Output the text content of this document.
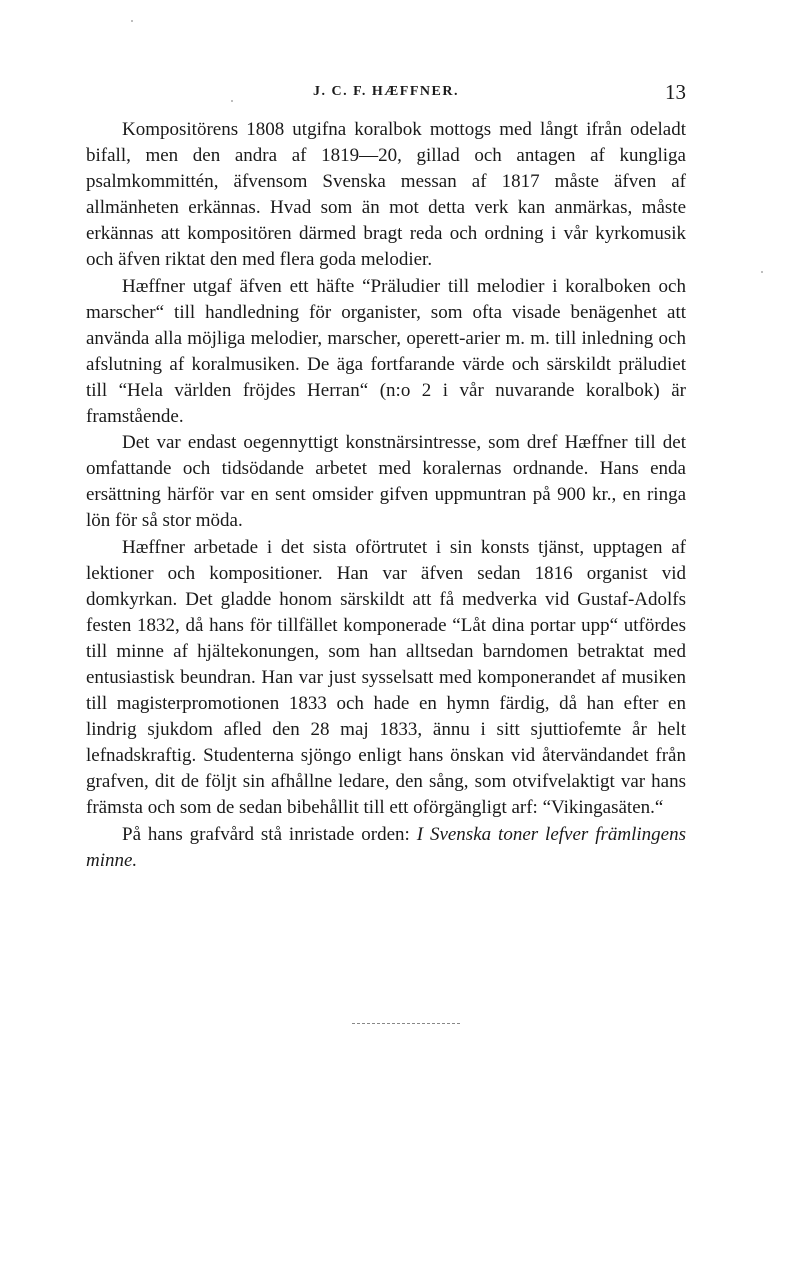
J. C. F. HÆFFNER.	13

Kompositörens 1808 utgifna koralbok mottogs med långt ifrån odeladt bifall, men den andra af 1819—20, gillad och antagen af kungliga psalmkommittén, äfvensom Svenska messan af 1817 måste äfven af allmänheten erkännas. Hvad som än mot detta verk kan anmärkas, måste erkännas att kompositören därmed bragt reda och ordning i vår kyrkomusik och äfven riktat den med flera goda melodier.

Hæffner utgaf äfven ett häfte “Präludier till melodier i koralboken och marscher“ till handledning för organister, som ofta visade benägenhet att använda alla möjliga melodier, marscher, operett-arier m. m. till inledning och afslutning af koralmusiken. De äga fortfarande värde och särskildt präludiet till “Hela världen fröjdes Herran“ (n:o 2 i vår nuvarande koralbok) är framstående.

Det var endast oegennyttigt konstnärsintresse, som dref Hæffner till det omfattande och tidsödande arbetet med koralernas ordnande. Hans enda ersättning härför var en sent omsider gifven uppmuntran på 900 kr., en ringa lön för så stor möda.

Hæffner arbetade i det sista oförtrutet i sin konsts tjänst, upptagen af lektioner och kompositioner. Han var äfven sedan 1816 organist vid domkyrkan. Det gladde honom särskildt att få medverka vid Gustaf-Adolfs festen 1832, då hans för tillfället komponerade “Låt dina portar upp“ utfördes till minne af hjältekonungen, som han alltsedan barndomen betraktat med entusiastisk beundran. Han var just sysselsatt med komponerandet af musiken till magisterpromotionen 1833 och hade en hymn färdig, då han efter en lindrig sjukdom afled den 28 maj 1833, ännu i sitt sjuttiofemte år helt lefnadskraftig. Studenterna sjöngo enligt hans önskan vid återvändandet från grafven, dit de följt sin afhållne ledare, den sång, som otvifvelaktigt var hans främsta och som de sedan bibehållit till ett oförgängligt arf: “Vikingasäten.“

På hans grafvård stå inristade orden: I Svenska toner lefver främlingens minne.
